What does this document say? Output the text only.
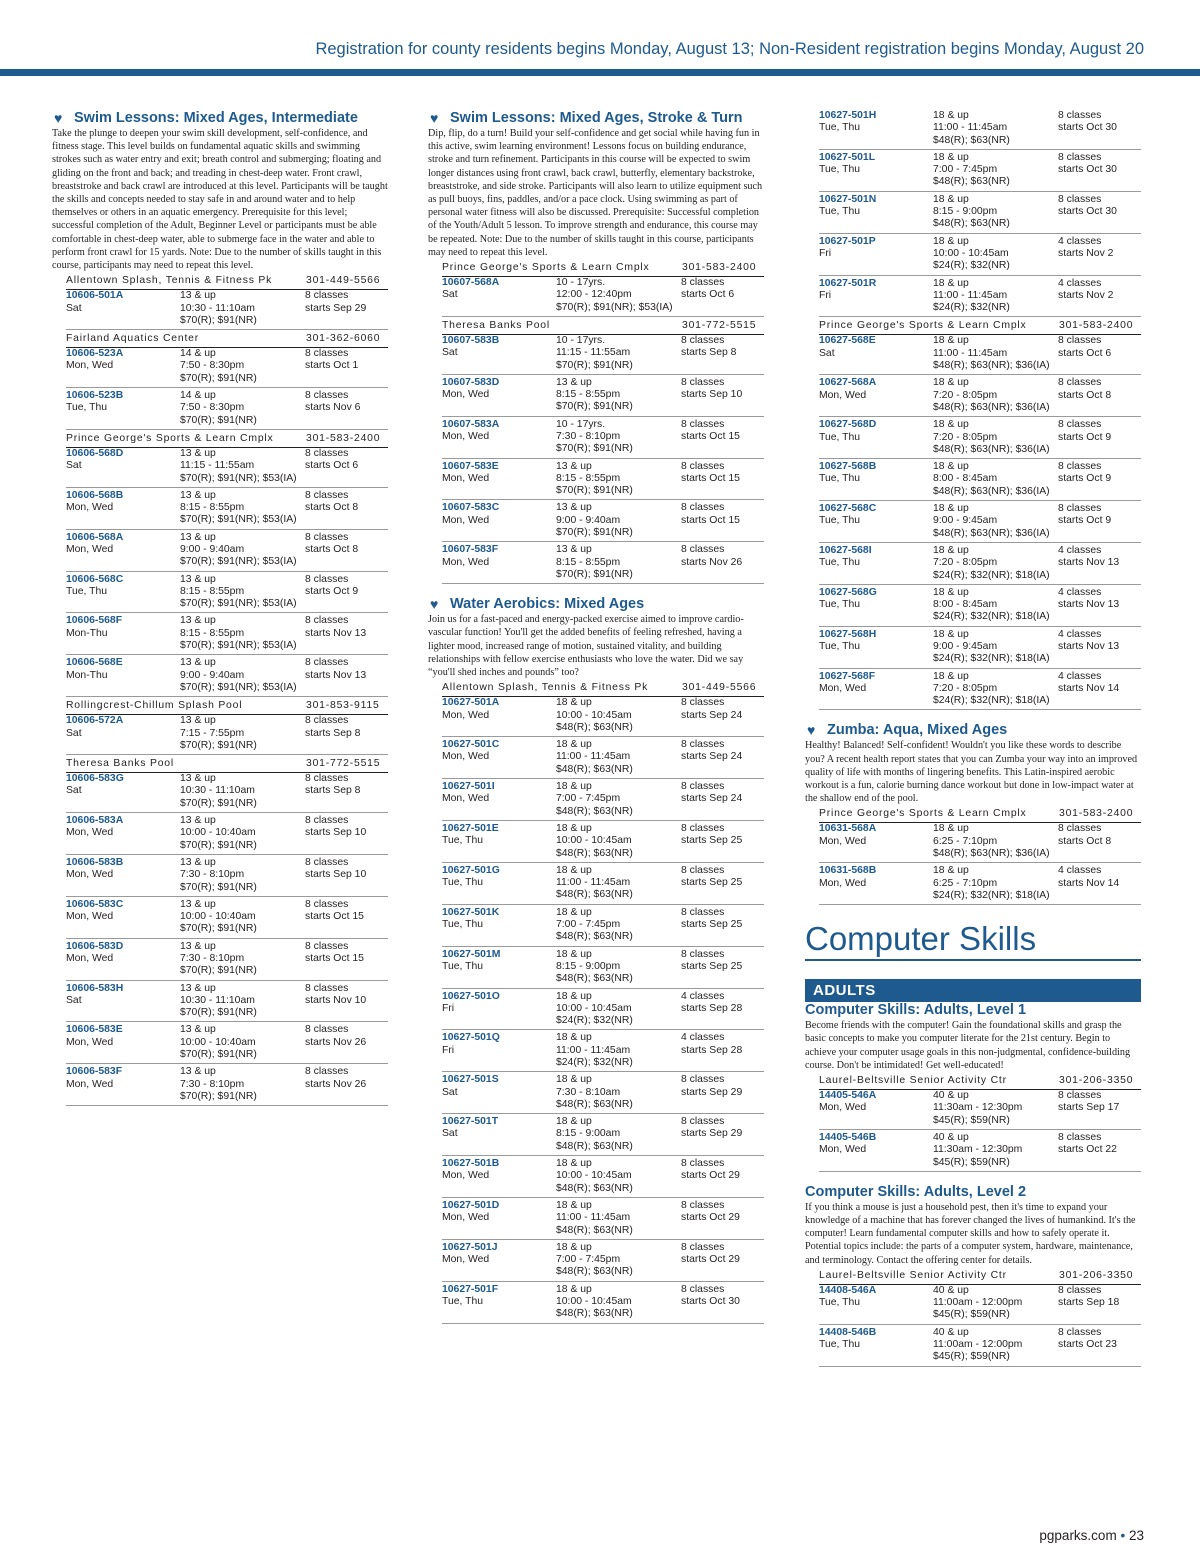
Registration for county residents begins Monday, August 13; Non-Resident registration begins Monday, August 20
♥ Swim Lessons: Mixed Ages, Intermediate
Take the plunge to deepen your swim skill development, self-confidence, and fitness stage. This level builds on fundamental aquatic skills and swimming strokes such as water entry and exit; breath control and submerging; floating and gliding on the front and back; and treading in chest-deep water. Front crawl, breaststroke and back crawl are introduced at this level. Participants will be taught the skills and concepts needed to stay safe in and around water and to help themselves or others in an aquatic emergency. Prerequisite for this level; successful completion of the Adult, Beginner Level or participants must be able comfortable in chest-deep water, able to submerge face in the water and able to perform front crawl for 15 yards. Note: Due to the number of skills taught in this course, participants may need to repeat this level.
Allentown Splash, Tennis & Fitness Pk	301-449-5566
10606-501A	13 & up	8 classes
Sat	10:30 - 11:10am	starts Sep 29
$70(R); $91(NR)
Fairland Aquatics Center	301-362-6060
10606-523A	14 & up	8 classes
Mon, Wed	7:50 - 8:30pm	starts Oct 1
$70(R); $91(NR)
10606-523B	14 & up	8 classes
Tue, Thu	7:50 - 8:30pm	starts Nov 6
$70(R); $91(NR)
Prince George's Sports & Learn Cmplx	301-583-2400
10606-568D	13 & up	8 classes
Sat	11:15 - 11:55am	starts Oct 6
$70(R); $91(NR); $53(IA)
10606-568B	13 & up	8 classes
Mon, Wed	8:15 - 8:55pm	starts Oct 8
$70(R); $91(NR); $53(IA)
10606-568A	13 & up	8 classes
Mon, Wed	9:00 - 9:40am	starts Oct 8
$70(R); $91(NR); $53(IA)
10606-568C	13 & up	8 classes
Tue, Thu	8:15 - 8:55pm	starts Oct 9
$70(R); $91(NR); $53(IA)
10606-568F	13 & up	8 classes
Mon-Thu	8:15 - 8:55pm	starts Nov 13
$70(R); $91(NR); $53(IA)
10606-568E	13 & up	8 classes
Mon-Thu	9:00 - 9:40am	starts Nov 13
$70(R); $91(NR); $53(IA)
Rollingcrest-Chillum Splash Pool	301-853-9115
10606-572A	13 & up	8 classes
Sat	7:15 - 7:55pm	starts Sep 8
$70(R); $91(NR)
Theresa Banks Pool	301-772-5515
10606-583G	13 & up	8 classes
Sat	10:30 - 11:10am	starts Sep 8
$70(R); $91(NR)
10606-583A	13 & up	8 classes
Mon, Wed	10:00 - 10:40am	starts Sep 10
$70(R); $91(NR)
10606-583B	13 & up	8 classes
Mon, Wed	7:30 - 8:10pm	starts Sep 10
$70(R); $91(NR)
10606-583C	13 & up	8 classes
Mon, Wed	10:00 - 10:40am	starts Oct 15
$70(R); $91(NR)
10606-583D	13 & up	8 classes
Mon, Wed	7:30 - 8:10pm	starts Oct 15
$70(R); $91(NR)
10606-583H	13 & up	8 classes
Sat	10:30 - 11:10am	starts Nov 10
$70(R); $91(NR)
10606-583E	13 & up	8 classes
Mon, Wed	10:00 - 10:40am	starts Nov 26
$70(R); $91(NR)
10606-583F	13 & up	8 classes
Mon, Wed	7:30 - 8:10pm	starts Nov 26
$70(R); $91(NR)
♥ Swim Lessons: Mixed Ages, Stroke & Turn
Dip, flip, do a turn! Build your self-confidence and get social while having fun in this active, swim learning environment! Lessons focus on building endurance, stroke and turn refinement. Participants in this course will be expected to swim longer distances using front crawl, back crawl, butterfly, elementary backstroke, breaststroke, and side stroke. Participants will also learn to utilize equipment such as pull buoys, fins, paddles, and/or a pace clock. Using swimming as part of personal water fitness will also be discussed. Prerequisite: Successful completion of the Youth/Adult 5 lesson. To improve strength and endurance, this course may be repeated. Note: Due to the number of skills taught in this course, participants may need to repeat this level.
Prince George's Sports & Learn Cmplx	301-583-2400
10607-568A	10 - 17yrs.	8 classes
Sat	12:00 - 12:40pm	starts Oct 6
$70(R); $91(NR); $53(IA)
Theresa Banks Pool	301-772-5515
10607-583B	10 - 17yrs.	8 classes
Sat	11:15 - 11:55am	starts Sep 8
$70(R); $91(NR)
10607-583D	13 & up	8 classes
Mon, Wed	8:15 - 8:55pm	starts Sep 10
$70(R); $91(NR)
10607-583A	10 - 17yrs.	8 classes
Mon, Wed	7:30 - 8:10pm	starts Oct 15
$70(R); $91(NR)
10607-583E	13 & up	8 classes
Mon, Wed	8:15 - 8:55pm	starts Oct 15
$70(R); $91(NR)
10607-583C	13 & up	8 classes
Mon, Wed	9:00 - 9:40am	starts Oct 15
$70(R); $91(NR)
10607-583F	13 & up	8 classes
Mon, Wed	8:15 - 8:55pm	starts Nov 26
$70(R); $91(NR)
♥ Water Aerobics: Mixed Ages
Join us for a fast-paced and energy-packed exercise aimed to improve cardio-vascular function! You'll get the added benefits of feeling refreshed, having a lighter mood, increased range of motion, sustained vitality, and building relationships with fellow exercise enthusiasts who love the water. Did we say “you'll shed inches and pounds” too?
Allentown Splash, Tennis & Fitness Pk	301-449-5566
10627-501A	18 & up	8 classes
Mon, Wed	10:00 - 10:45am	starts Sep 24
$48(R); $63(NR)
10627-501C	18 & up	8 classes
Mon, Wed	11:00 - 11:45am	starts Sep 24
$48(R); $63(NR)
10627-501I	18 & up	8 classes
Mon, Wed	7:00 - 7:45pm	starts Sep 24
$48(R); $63(NR)
10627-501E	18 & up	8 classes
Tue, Thu	10:00 - 10:45am	starts Sep 25
$48(R); $63(NR)
10627-501G	18 & up	8 classes
Tue, Thu	11:00 - 11:45am	starts Sep 25
$48(R); $63(NR)
10627-501K	18 & up	8 classes
Tue, Thu	7:00 - 7:45pm	starts Sep 25
$48(R); $63(NR)
10627-501M	18 & up	8 classes
Tue, Thu	8:15 - 9:00pm	starts Sep 25
$48(R); $63(NR)
10627-501O	18 & up	4 classes
Fri	10:00 - 10:45am	starts Sep 28
$24(R); $32(NR)
10627-501Q	18 & up	4 classes
Fri	11:00 - 11:45am	starts Sep 28
$24(R); $32(NR)
10627-501S	18 & up	8 classes
Sat	7:30 - 8:10am	starts Sep 29
$48(R); $63(NR)
10627-501T	18 & up	8 classes
Sat	8:15 - 9:00am	starts Sep 29
$48(R); $63(NR)
10627-501B	18 & up	8 classes
Mon, Wed	10:00 - 10:45am	starts Oct 29
$48(R); $63(NR)
10627-501D	18 & up	8 classes
Mon, Wed	11:00 - 11:45am	starts Oct 29
$48(R); $63(NR)
10627-501J	18 & up	8 classes
Mon, Wed	7:00 - 7:45pm	starts Oct 29
$48(R); $63(NR)
10627-501F	18 & up	8 classes
Tue, Thu	10:00 - 10:45am	starts Oct 30
$48(R); $63(NR)
10627-501H	18 & up	8 classes
Tue, Thu	11:00 - 11:45am	starts Oct 30
$48(R); $63(NR)
10627-501L	18 & up	8 classes
Tue, Thu	7:00 - 7:45pm	starts Oct 30
$48(R); $63(NR)
10627-501N	18 & up	8 classes
Tue, Thu	8:15 - 9:00pm	starts Oct 30
$48(R); $63(NR)
10627-501P	18 & up	4 classes
Fri	10:00 - 10:45am	starts Nov 2
$24(R); $32(NR)
10627-501R	18 & up	4 classes
Fri	11:00 - 11:45am	starts Nov 2
$24(R); $32(NR)
Prince George's Sports & Learn Cmplx	301-583-2400
10627-568E	18 & up	8 classes
Sat	11:00 - 11:45am	starts Oct 6
$48(R); $63(NR); $36(IA)
10627-568A	18 & up	8 classes
Mon, Wed	7:20 - 8:05pm	starts Oct 8
$48(R); $63(NR); $36(IA)
10627-568D	18 & up	8 classes
Tue, Thu	7:20 - 8:05pm	starts Oct 9
$48(R); $63(NR); $36(IA)
10627-568B	18 & up	8 classes
Tue, Thu	8:00 - 8:45am	starts Oct 9
$48(R); $63(NR); $36(IA)
10627-568C	18 & up	8 classes
Tue, Thu	9:00 - 9:45am	starts Oct 9
$48(R); $63(NR); $36(IA)
10627-568I	18 & up	4 classes
Tue, Thu	7:20 - 8:05pm	starts Nov 13
$24(R); $32(NR); $18(IA)
10627-568G	18 & up	4 classes
Tue, Thu	8:00 - 8:45am	starts Nov 13
$24(R); $32(NR); $18(IA)
10627-568H	18 & up	4 classes
Tue, Thu	9:00 - 9:45am	starts Nov 13
$24(R); $32(NR); $18(IA)
10627-568F	18 & up	4 classes
Mon, Wed	7:20 - 8:05pm	starts Nov 14
$24(R); $32(NR); $18(IA)
♥ Zumba: Aqua, Mixed Ages
Healthy! Balanced! Self-confident! Wouldn't you like these words to describe you? A recent health report states that you can Zumba your way into an improved quality of life with months of lingering benefits. This Latin-inspired aerobic workout is a fun, calorie burning dance workout but done in low-impact water at the shallow end of the pool.
Prince George's Sports & Learn Cmplx	301-583-2400
10631-568A	18 & up	8 classes
Mon, Wed	6:25 - 7:10pm	starts Oct 8
$48(R); $63(NR); $36(IA)
10631-568B	18 & up	4 classes
Mon, Wed	6:25 - 7:10pm	starts Nov 14
$24(R); $32(NR); $18(IA)
Computer Skills
ADULTS
Computer Skills: Adults, Level 1
Become friends with the computer! Gain the foundational skills and grasp the basic concepts to make you computer literate for the 21st century. Begin to achieve your computer usage goals in this non-judgmental, confidence-building course. Don't be intimidated! Get well-educated!
Laurel-Beltsville Senior Activity Ctr	301-206-3350
14405-546A	40 & up	8 classes
Mon, Wed	11:30am - 12:30pm	starts Sep 17
$45(R); $59(NR)
14405-546B	40 & up	8 classes
Mon, Wed	11:30am - 12:30pm	starts Oct 22
$45(R); $59(NR)
Computer Skills: Adults, Level 2
If you think a mouse is just a household pest, then it's time to expand your knowledge of a machine that has forever changed the lives of humankind. It's the computer! Learn fundamental computer skills and how to safely operate it. Potential topics include: the parts of a computer system, hardware, maintenance, and terminology. Contact the offering center for details.
Laurel-Beltsville Senior Activity Ctr	301-206-3350
14408-546A	40 & up	8 classes
Tue, Thu	11:00am - 12:00pm	starts Sep 18
$45(R); $59(NR)
14408-546B	40 & up	8 classes
Tue, Thu	11:00am - 12:00pm	starts Oct 23
$45(R); $59(NR)
pgparks.com • 23
